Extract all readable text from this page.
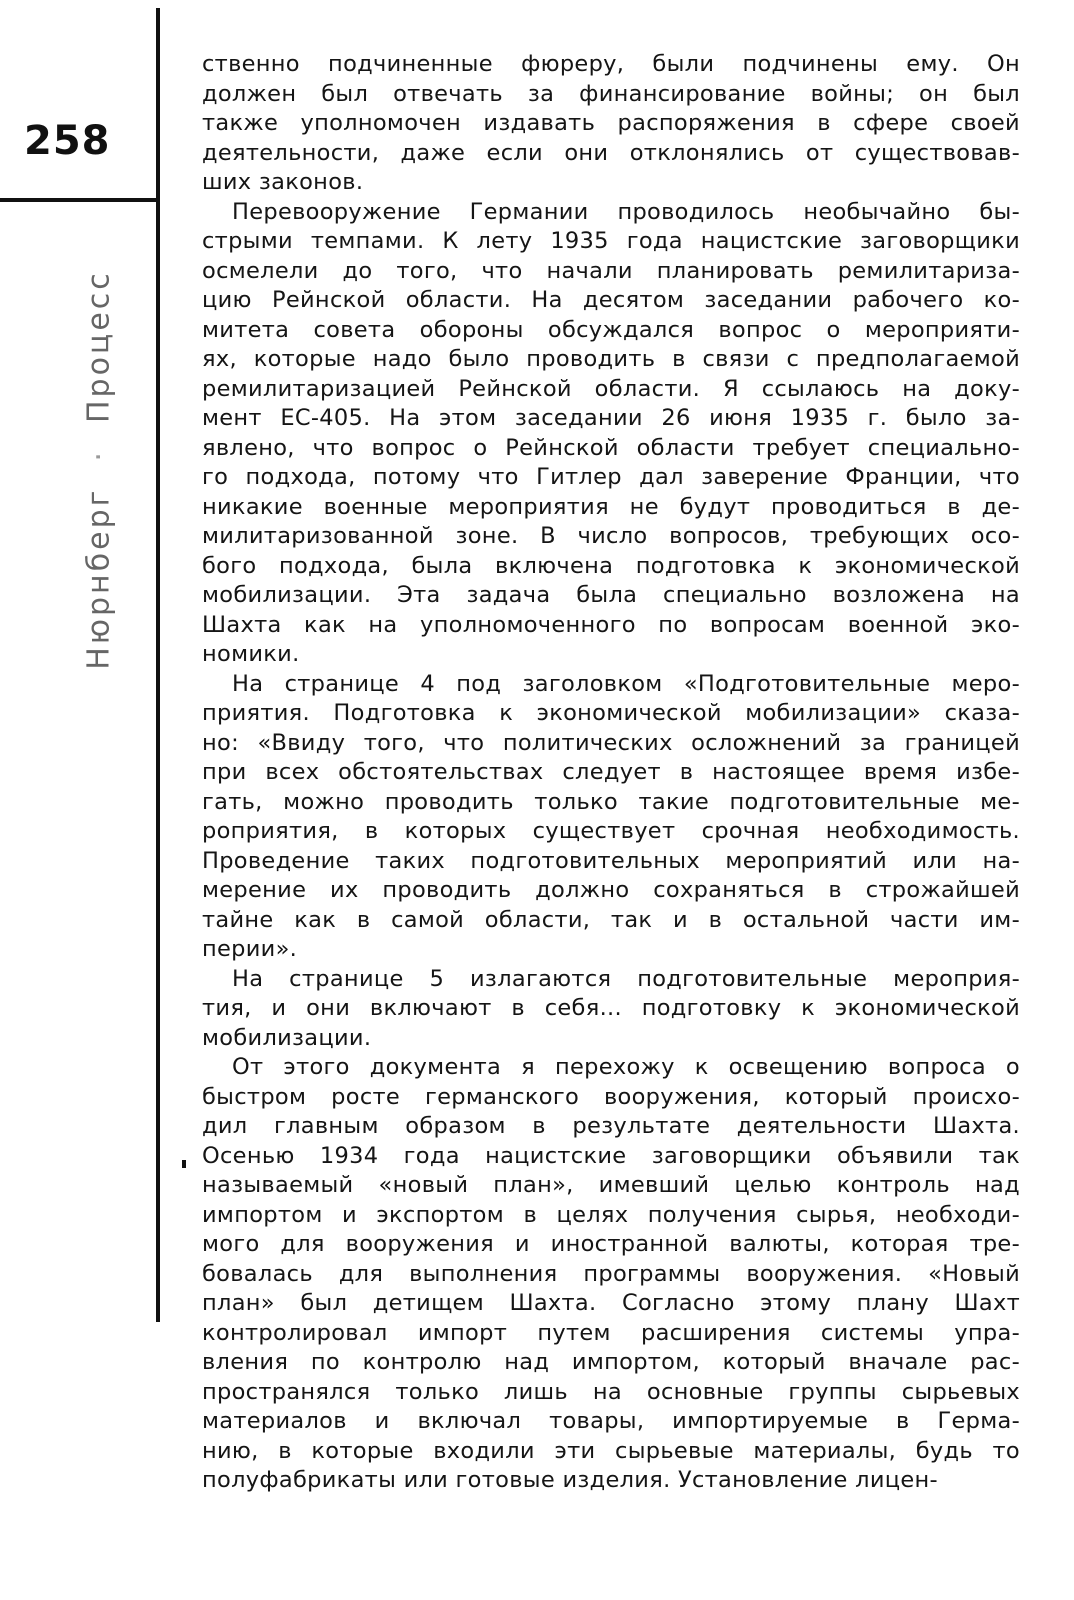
258
Нюрнберг·Процесс
ственно подчиненные фюреру, были подчинены ему. Он
должен был отвечать за финансирование войны; он был
также уполномочен издавать распоряжения в сфере своей
деятельности, даже если они отклонялись от существовав-
ших законов.
Перевооружение Германии проводилось необычайно бы-
стрыми темпами. К лету 1935 года нацистские заговорщики
осмелели до того, что начали планировать ремилитариза-
цию Рейнской области. На десятом заседании рабочего ко-
митета совета обороны обсуждался вопрос о мероприяти-
ях, которые надо было проводить в связи с предполагаемой
ремилитаризацией Рейнской области. Я ссылаюсь на доку-
мент ЕС-405. На этом заседании 26 июня 1935 г. было за-
явлено, что вопрос о Рейнской области требует специально-
го подхода, потому что Гитлер дал заверение Франции, что
никакие военные мероприятия не будут проводиться в де-
милитаризованной зоне. В число вопросов, требующих осо-
бого подхода, была включена подготовка к экономической
мобилизации. Эта задача была специально возложена на
Шахта как на уполномоченного по вопросам военной эко-
номики.
На странице 4 под заголовком «Подготовительные меро-
приятия. Подготовка к экономической мобилизации» сказа-
но: «Ввиду того, что политических осложнений за границей
при всех обстоятельствах следует в настоящее время избе-
гать, можно проводить только такие подготовительные ме-
роприятия, в которых существует срочная необходимость.
Проведение таких подготовительных мероприятий или на-
мерение их проводить должно сохраняться в строжайшей
тайне как в самой области, так и в остальной части им-
перии».
На странице 5 излагаются подготовительные мероприя-
тия, и они включают в себя... подготовку к экономической
мобилизации.
От этого документа я перехожу к освещению вопроса о
быстром росте германского вооружения, который происхо-
дил главным образом в результате деятельности Шахта.
Осенью 1934 года нацистские заговорщики объявили так
называемый «новый план», имевший целью контроль над
импортом и экспортом в целях получения сырья, необходи-
мого для вооружения и иностранной валюты, которая тре-
бовалась для выполнения программы вооружения. «Новый
план» был детищем Шахта. Согласно этому плану Шахт
контролировал импорт путем расширения системы упра-
вления по контролю над импортом, который вначале рас-
пространялся только лишь на основные группы сырьевых
материалов и включал товары, импортируемые в Герма-
нию, в которые входили эти сырьевые материалы, будь то
полуфабрикаты или готовые изделия. Установление лицен-
